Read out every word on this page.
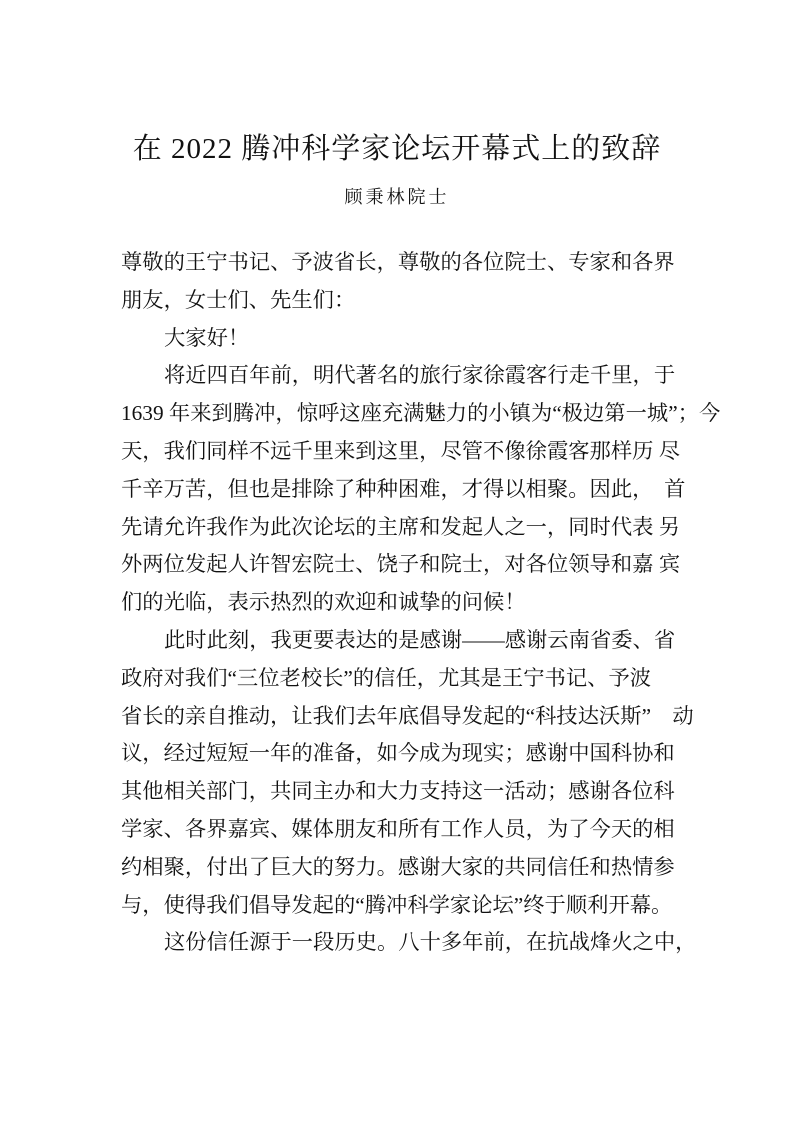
在 2022 腾冲科学家论坛开幕式上的致辞
顾秉林院士
尊敬的王宁书记、予波省长，尊敬的各位院士、专家和各界
朋友，女士们、先生们：
大家好！
将近四百年前，明代著名的旅行家徐霞客行走千里，于
1639 年来到腾冲，惊呼这座充满魅力的小镇为“极边第一城”；今
天，我们同样不远千里来到这里，尽管不像徐霞客那样历 尽
千辛万苦，但也是排除了种种困难，才得以相聚。因此，　首
先请允许我作为此次论坛的主席和发起人之一，同时代表 另
外两位发起人许智宏院士、饶子和院士，对各位领导和嘉 宾
们的光临，表示热烈的欢迎和诚挚的问候！
此时此刻，我更要表达的是感谢——感谢云南省委、省
政府对我们“三位老校长”的信任，尤其是王宁书记、予波
省长的亲自推动，让我们去年底倡导发起的“科技达沃斯”　动
议，经过短短一年的准备，如今成为现实；感谢中国科协和
其他相关部门，共同主办和大力支持这一活动；感谢各位科
学家、各界嘉宾、媒体朋友和所有工作人员，为了今天的相
约相聚，付出了巨大的努力。感谢大家的共同信任和热情参
与，使得我们倡导发起的“腾冲科学家论坛”终于顺利开幕。
这份信任源于一段历史。八十多年前，在抗战烽火之中，
